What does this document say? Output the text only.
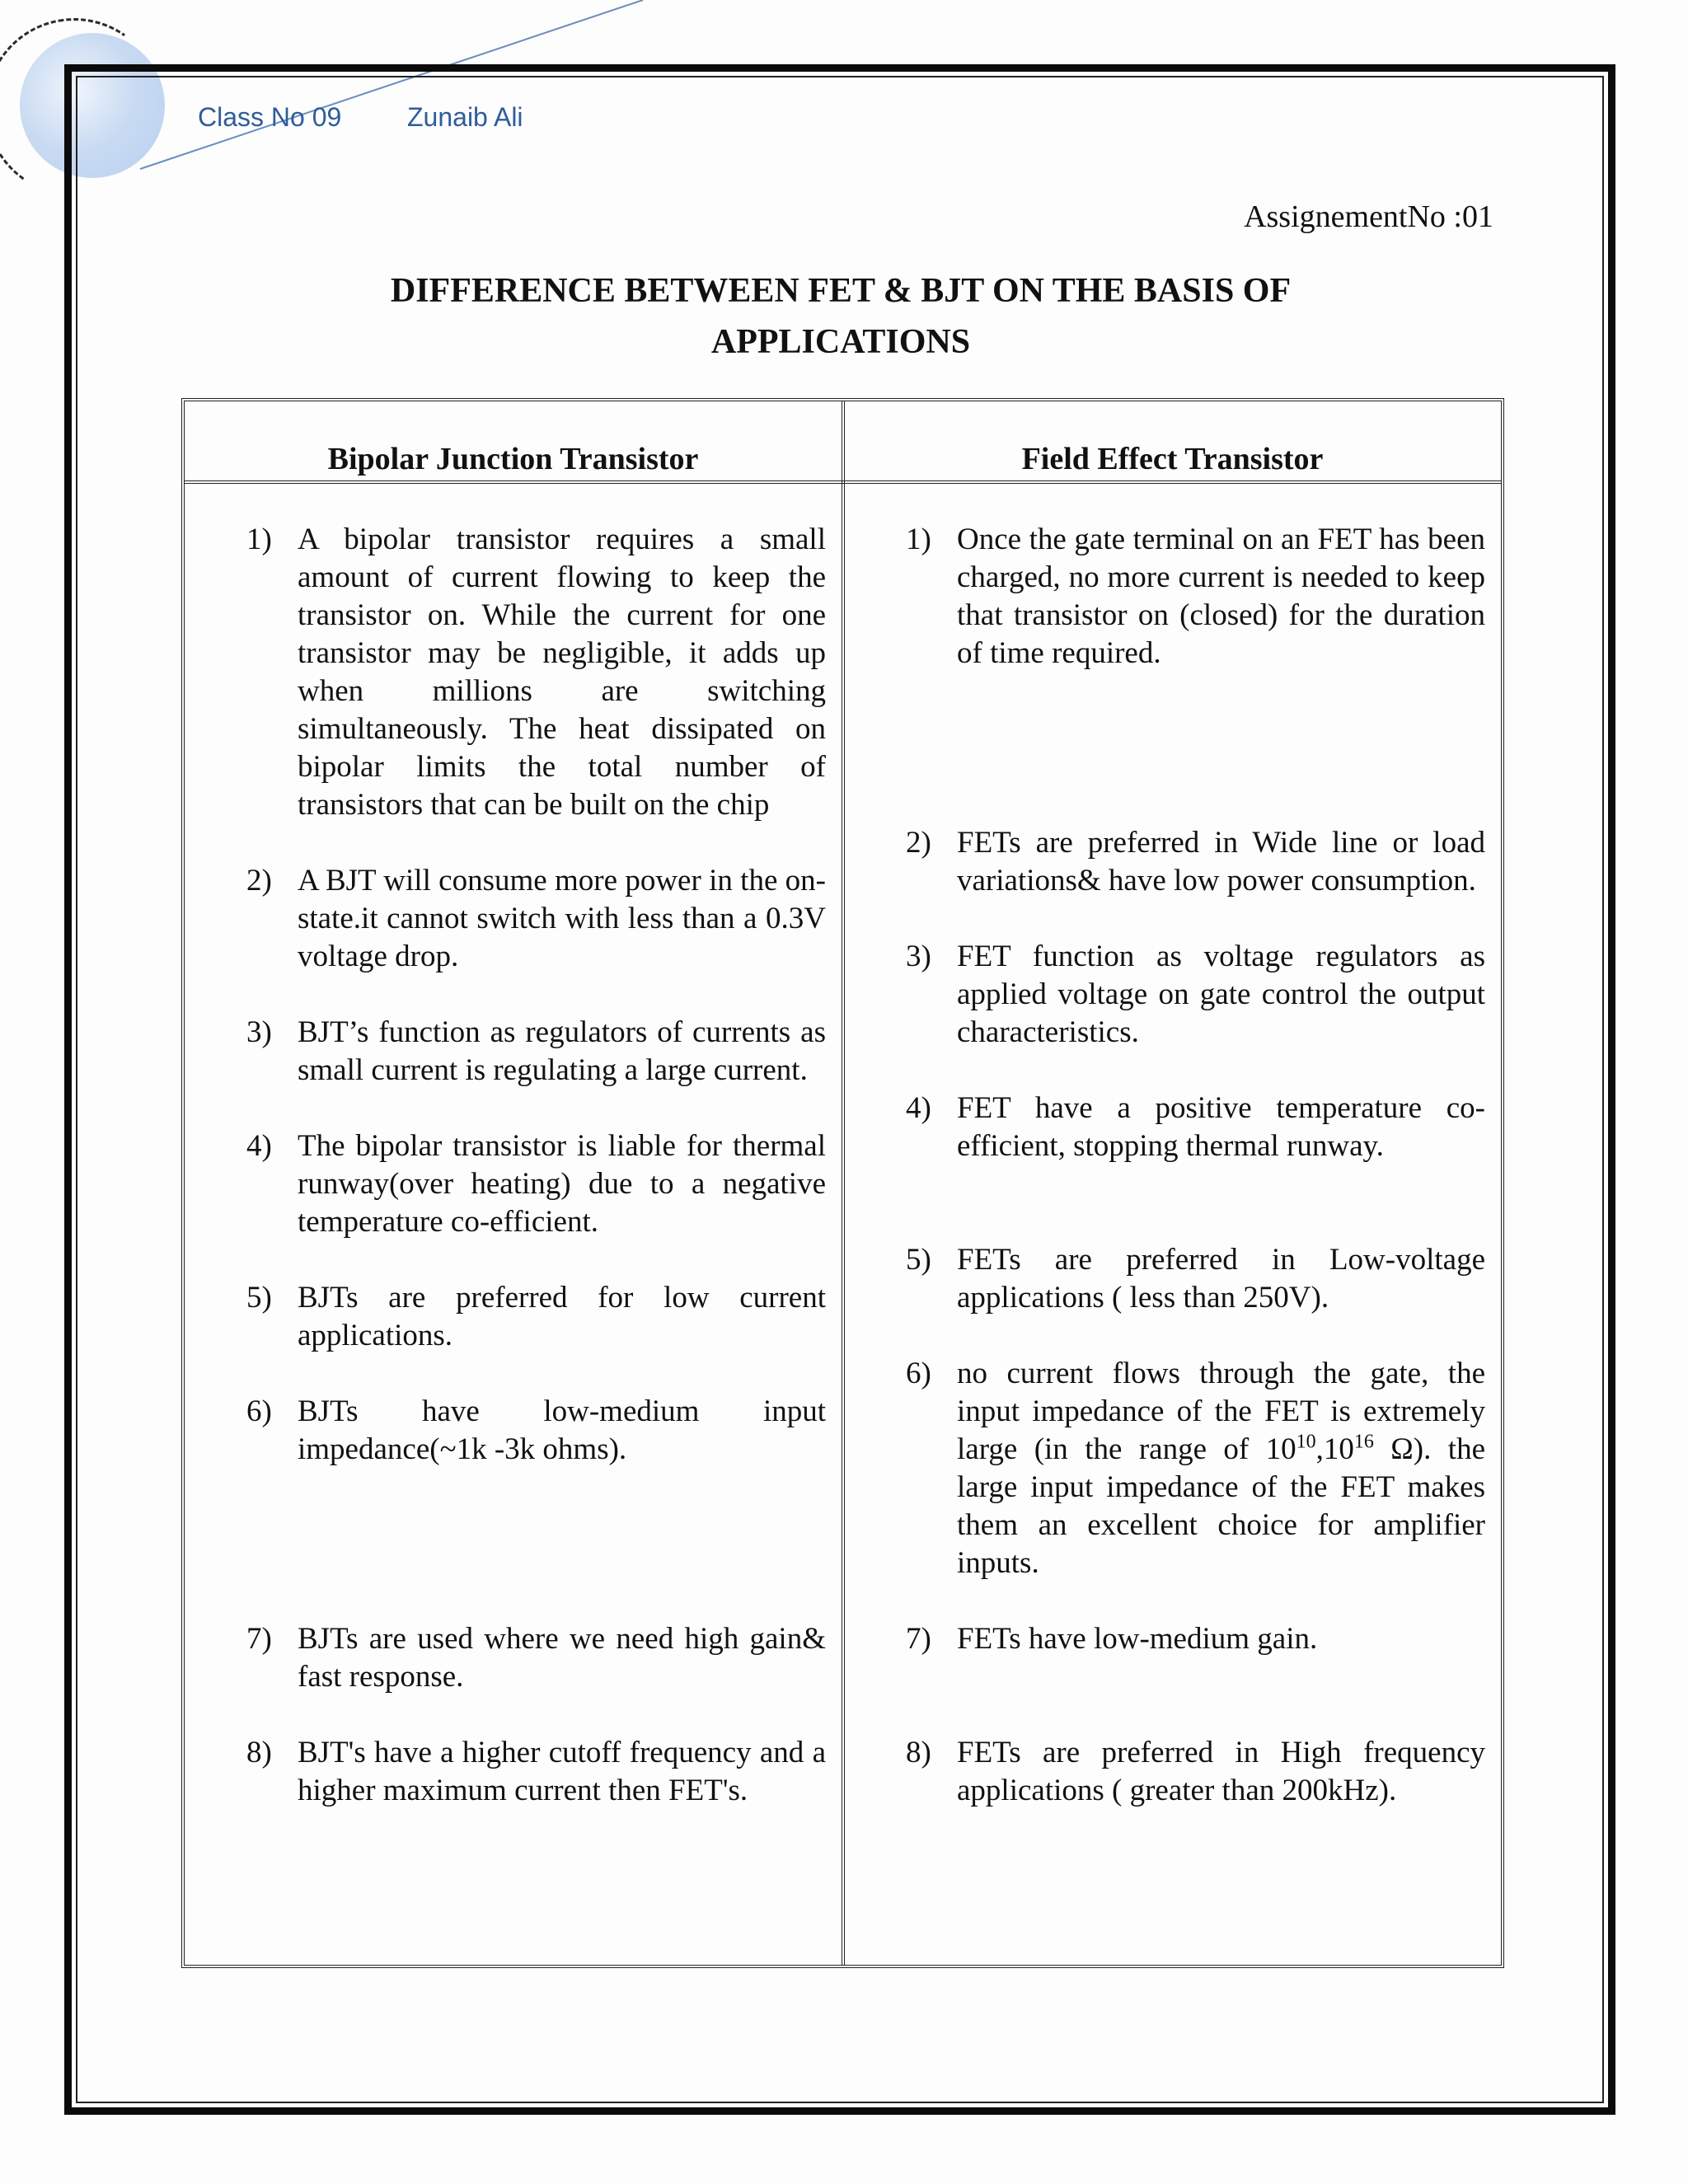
Class No 09 Zunaib Ali
AssignementNo :01
DIFFERENCE BETWEEN FET & BJT ON THE BASIS OF
APPLICATIONS
Bipolar Junction Transistor	Field Effect Transistor
1) A bipolar transistor requires a small amount of current flowing to keep the transistor on. While the current for one transistor may be negligible, it adds up when millions are switching simultaneously. The heat dissipated on bipolar limits the total number of transistors that can be built on the chip
2) A BJT will consume more power in the on- state.it cannot switch with less than a 0.3V voltage drop.
3) BJT’s function as regulators of currents as small current is regulating a large current.
4) The bipolar transistor is liable for thermal runway(over heating) due to a negative temperature co-efficient.
5) BJTs are preferred for low current applications.
6) BJTs have low-medium input impedance(~1k -3k ohms).
7) BJTs are used where we need high gain& fast response.
8) BJT's have a higher cutoff frequency and a higher maximum current then FET's.
1) Once the gate terminal on an FET has been charged, no more current is needed to keep that transistor on (closed) for the duration of time required.
2) FETs are preferred in Wide line or load variations& have low power consumption.
3) FET function as voltage regulators as applied voltage on gate control the output characteristics.
4) FET have a positive temperature co-efficient, stopping thermal runway.
5) FETs are preferred in Low-voltage applications ( less than 250V).
6) no current flows through the gate, the input impedance of the FET is extremely large (in the range of $10^{10},10^{16}$ Ω). the large input impedance of the FET makes them an excellent choice for amplifier inputs.
7) FETs have low-medium gain.
8) FETs are preferred in High frequency applications ( greater than 200kHz).
